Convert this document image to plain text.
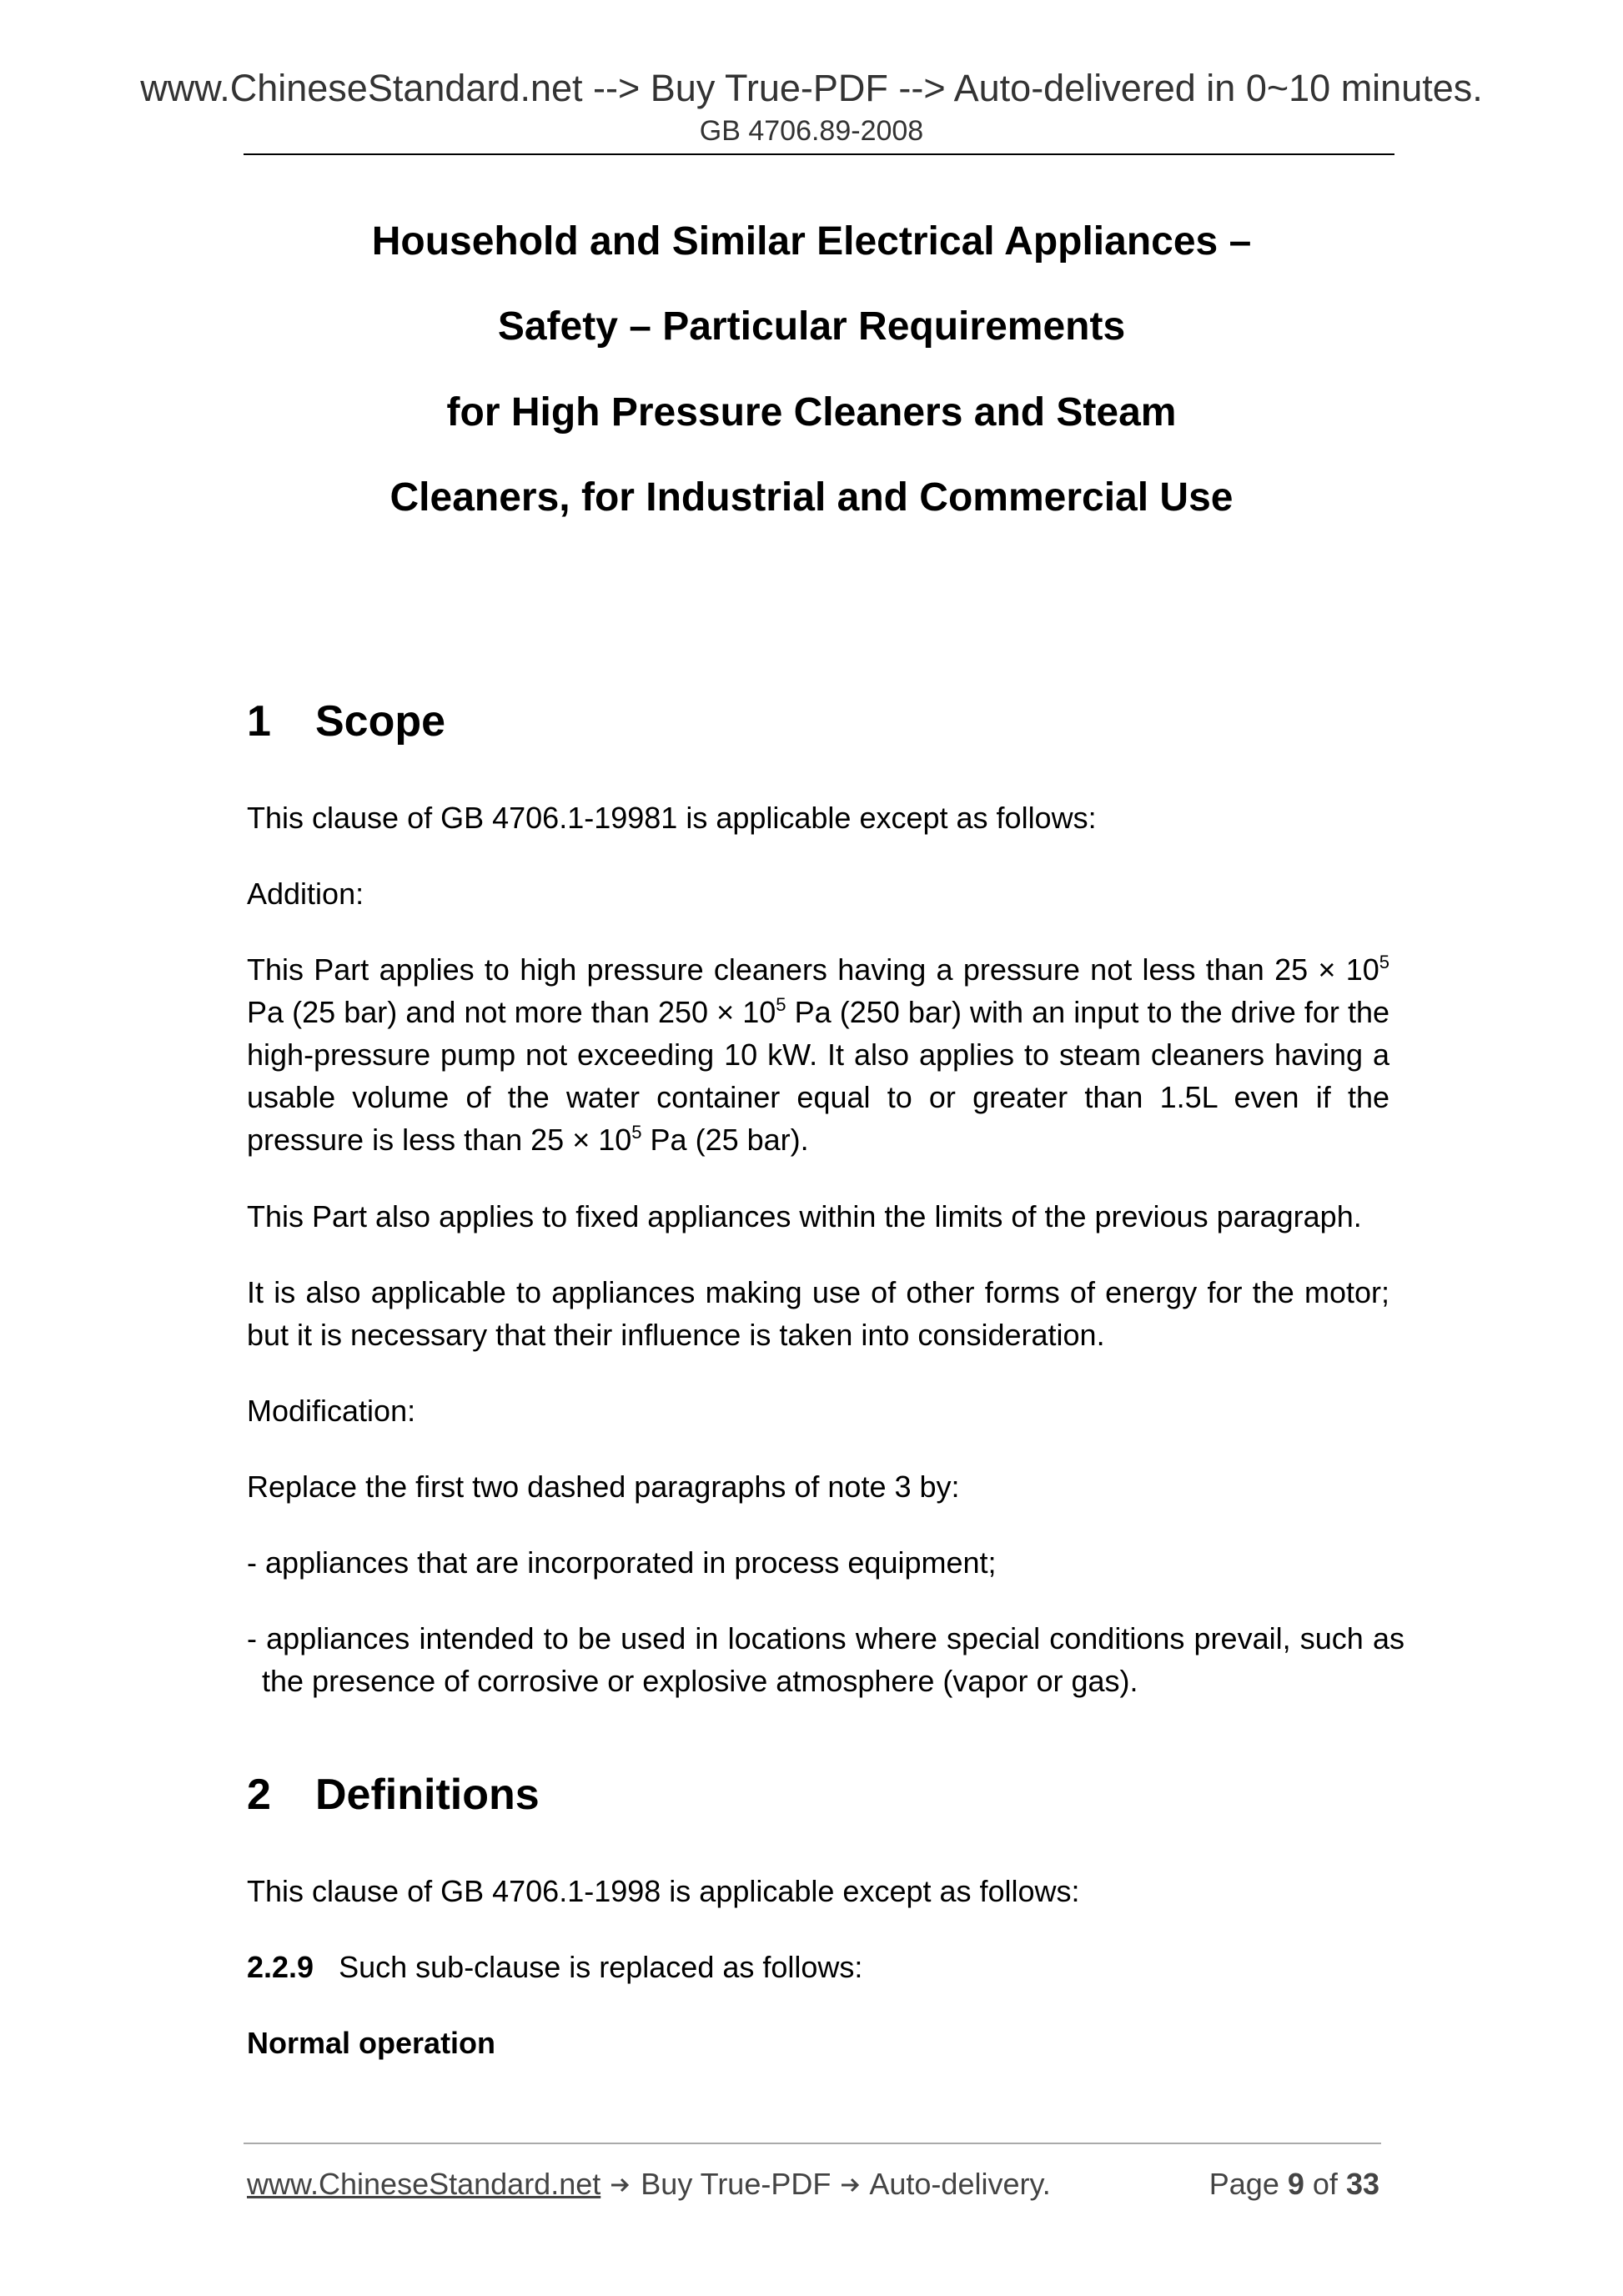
www.ChineseStandard.net --> Buy True-PDF --> Auto-delivered in 0~10 minutes.
GB 4706.89-2008
Household and Similar Electrical Appliances –
Safety – Particular Requirements
for High Pressure Cleaners and Steam
Cleaners, for Industrial and Commercial Use
1 Scope
This clause of GB 4706.1-19981 is applicable except as follows:
Addition:
This Part applies to high pressure cleaners having a pressure not less than $25 \times 10^5$ Pa (25 bar) and not more than $250 \times 10^5$ Pa (250 bar) with an input to the drive for the high-pressure pump not exceeding 10 kW. It also applies to steam cleaners having a usable volume of the water container equal to or greater than 1.5L even if the pressure is less than $25 \times 10^5$ Pa (25 bar).
This Part also applies to fixed appliances within the limits of the previous paragraph.
It is also applicable to appliances making use of other forms of energy for the motor; but it is necessary that their influence is taken into consideration.
Modification:
Replace the first two dashed paragraphs of note 3 by:
- appliances that are incorporated in process equipment;
- appliances intended to be used in locations where special conditions prevail, such as the presence of corrosive or explosive atmosphere (vapor or gas).
2 Definitions
This clause of GB 4706.1-1998 is applicable except as follows:
2.2.9 Such sub-clause is replaced as follows:
Normal operation
www.ChineseStandard.net Buy True-PDF Auto-delivery.	Page 9 of 33
